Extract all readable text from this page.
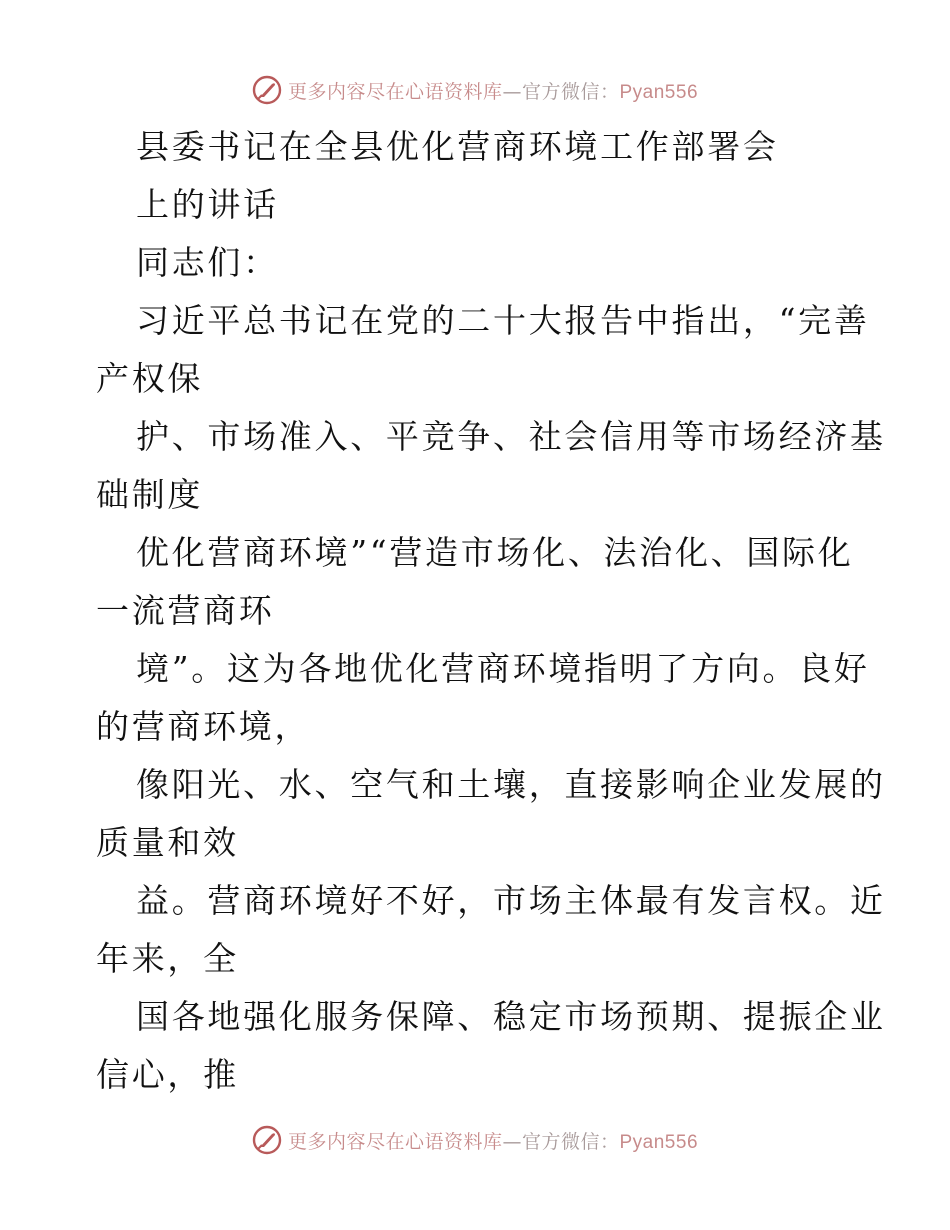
更多内容尽在心语资料库—官方微信：Pyan556
县委书记在全县优化营商环境工作部署会
上的讲话
同志们：
习近平总书记在党的二十大报告中指出，“完善
产权保
护、市场准入、平竞争、社会信用等市场经济基
础制度
优化营商环境”“营造市场化、法治化、国际化
一流营商环
境”。这为各地优化营商环境指明了方向。良好
的营商环境，
像阳光、水、空气和土壤，直接影响企业发展的
质量和效
益。营商环境好不好，市场主体最有发言权。近
年来，全
国各地强化服务保障、稳定市场预期、提振企业
信心，推
更多内容尽在心语资料库—官方微信：Pyan556
